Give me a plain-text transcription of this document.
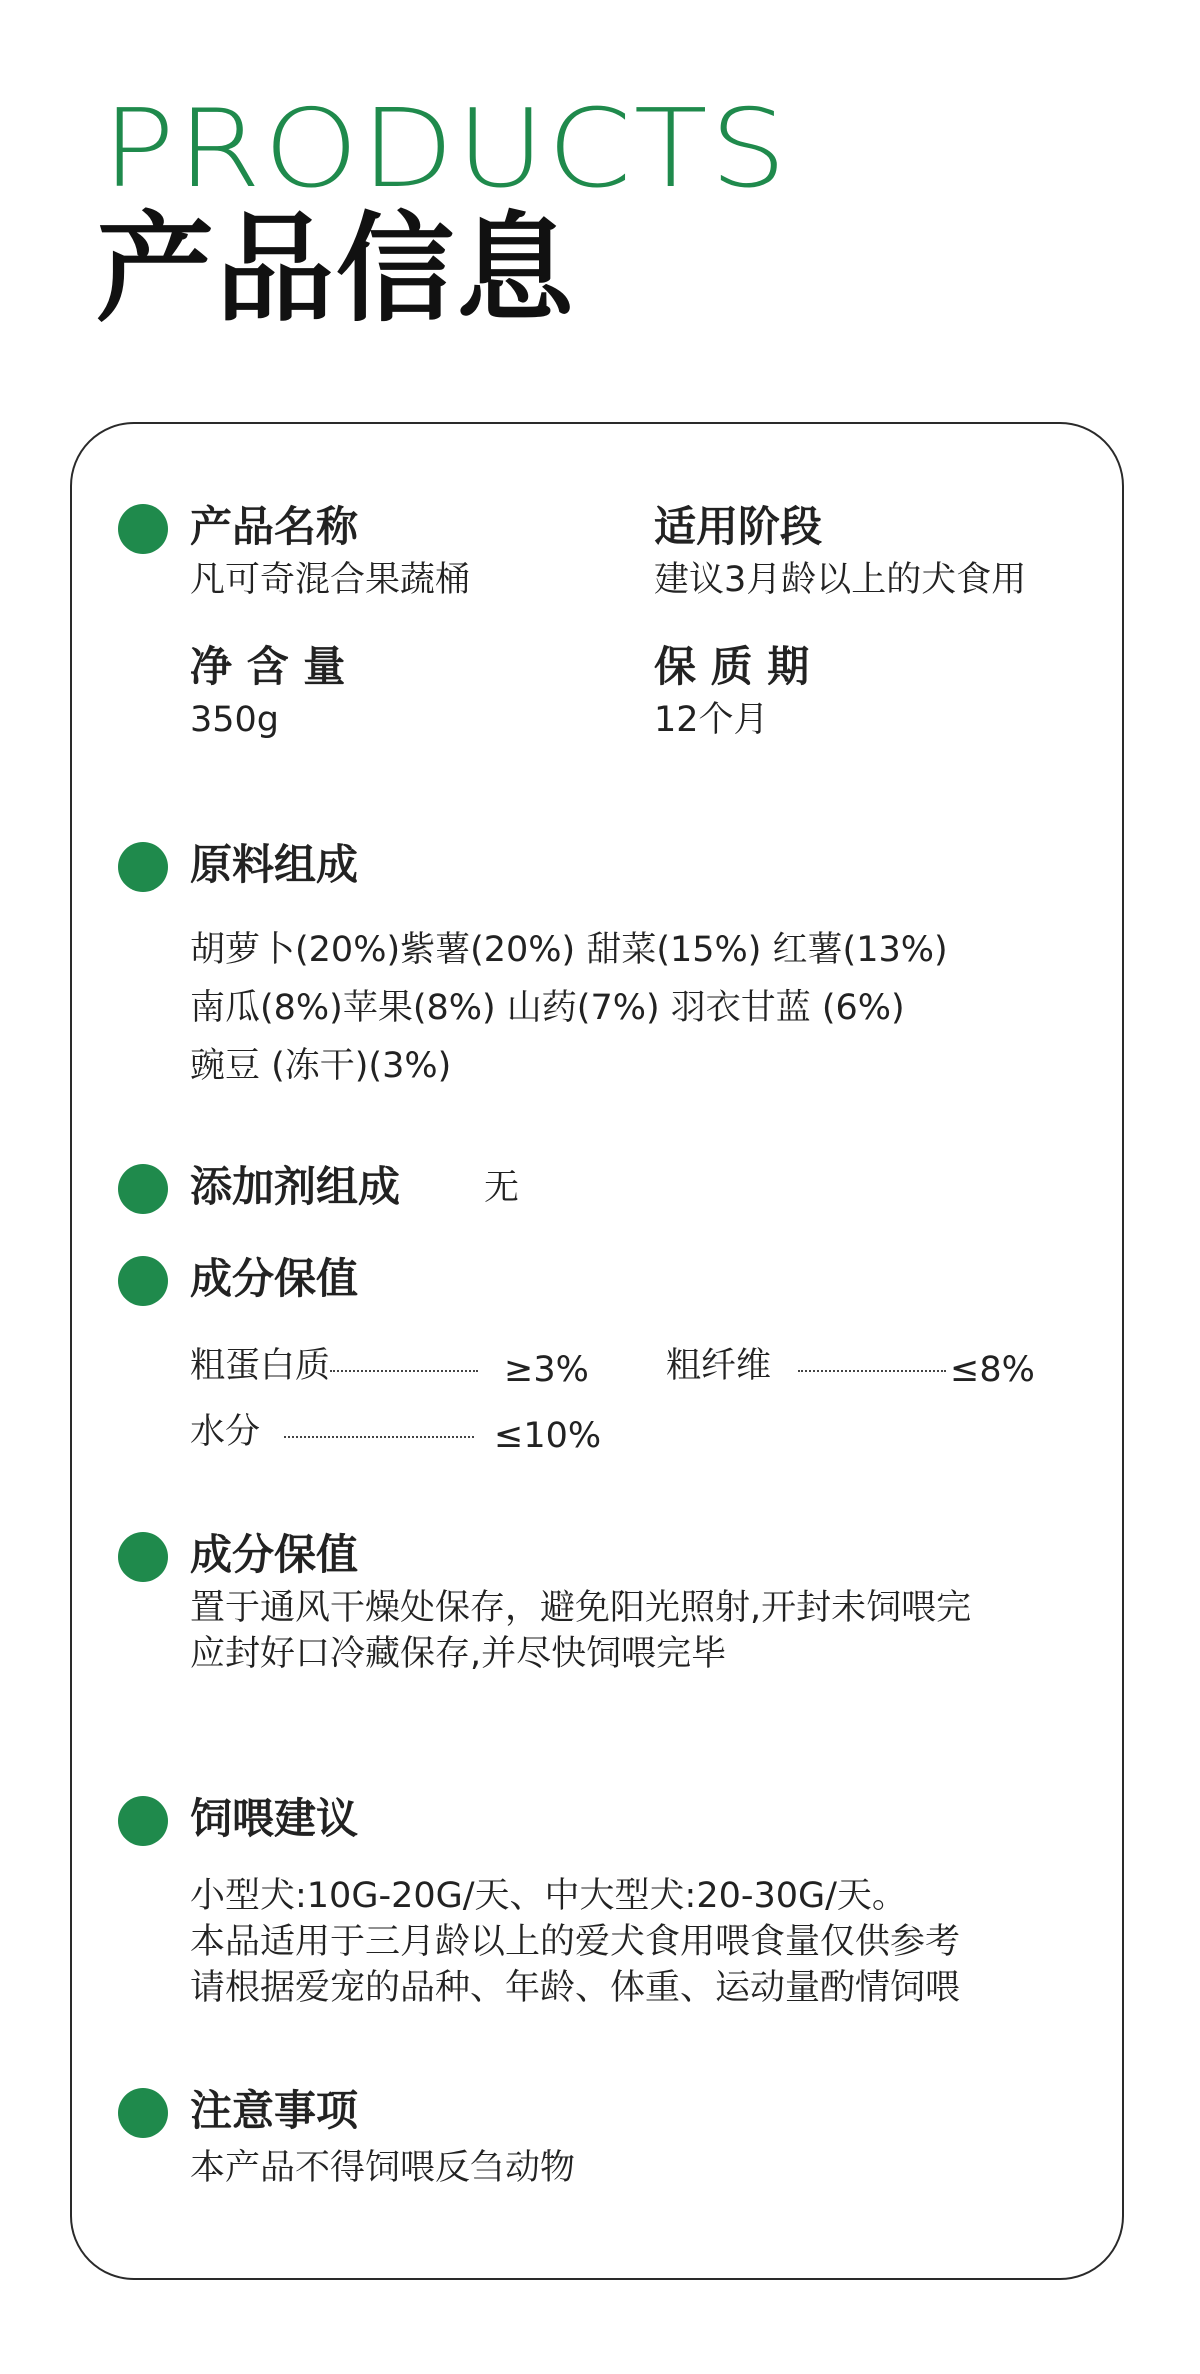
PRODUCTS
产品信息
产品名称
凡可奇混合果蔬桶
适用阶段
建议3月龄以上的犬食用
净 含 量
350g
保 质 期
12个月
原料组成
胡萝卜(20%)紫薯(20%) 甜菜(15%) 红薯(13%)
南瓜(8%)苹果(8%) 山药(7%) 羽衣甘蓝 (6%)
豌豆 (冻干)(3%)
添加剂组成 无
成分保值
粗蛋白质	≥3% 粗纤维	≤8%
水分	≤10%
成分保值
置于通风干燥处保存，避免阳光照射,开封未饲喂完
应封好口冷藏保存,并尽快饲喂完毕
饲喂建议
小型犬:10G-20G/天、中大型犬:20-30G/天。
本品适用于三月龄以上的爱犬食用喂食量仅供参考
请根据爱宠的品种、年龄、体重、运动量酌情饲喂
注意事项
本产品不得饲喂反刍动物
